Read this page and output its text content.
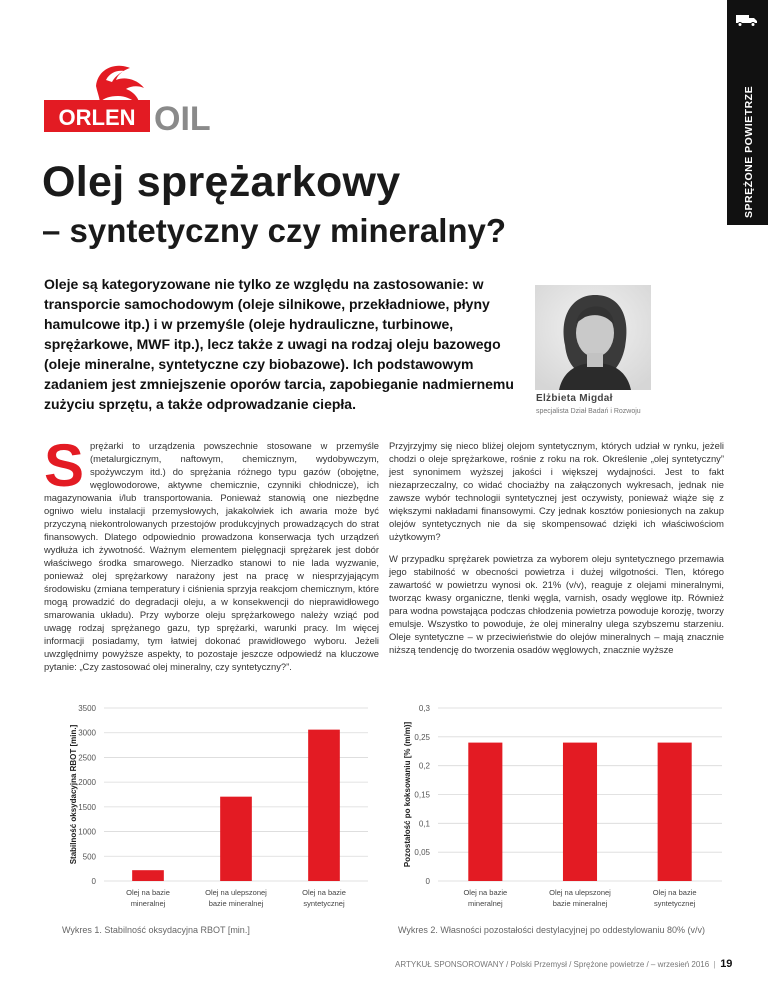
SPRĘŻONE POWIETRZE
ORLEN OIL
Olej sprężarkowy
– syntetyczny czy mineralny?
Oleje są kategoryzowane nie tylko ze względu na zastosowanie: w transporcie samochodowym (oleje silnikowe, przekładniowe, płyny hamulcowe itp.) i w przemyśle (oleje hydrauliczne, turbinowe, sprężarkowe, MWF itp.), lecz także z uwagi na rodzaj oleju bazowego (oleje mineralne, syntetyczne czy biobazowe). Ich podstawowym zadaniem jest zmniejszenie oporów tarcia, zapobieganie nadmiernemu zużyciu sprzętu, a także odprowadzanie ciepła.	Elżbieta Migdał
specjalista Dział Badań i Rozwoju

Sprężarki to urządzenia powszechnie stosowane w przemyśle (metalurgicznym, naftowym, chemicznym, wydobywczym, spożywczym itd.) do sprężania różnego typu gazów (obojętne, węglowodorowe, aktywne chemicznie, czynniki chłodnicze), ich magazynowania i/lub transportowania. Ponieważ stanowią one niezbędne ogniwo wielu instalacji przemysłowych, jakakolwiek ich awaria może być przyczyną niekontrolowanych przestojów produkcyjnych prowadzących do strat finansowych. Dlatego odpowiednio prowadzona konserwacja tych urządzeń wydłuża ich żywotność. Ważnym elementem pielęgnacji sprężarek jest dobór właściwego środka smarowego. Nierzadko stanowi to nie lada wyzwanie, ponieważ olej sprężarkowy narażony jest na pracę w niesprzyjającym środowisku (zmiana temperatury i ciśnienia sprzyja reakcjom chemicznym, które mogą prowadzić do degradacji oleju, a w konsekwencji do nieprawidłowego smarowania układu). Przy wyborze oleju sprężarkowego należy wziąć pod uwagę rodzaj sprężanego gazu, typ sprężarki, warunki pracy. Im więcej informacji posiadamy, tym łatwiej dokonać prawidłowego wyboru. Jeżeli uwzględnimy powyższe aspekty, to pozostaje jeszcze odpowiedź na kluczowe pytanie: „Czy zastosować olej mineralny, czy syntetyczny?”.

Przyjrzyjmy się nieco bliżej olejom syntetycznym, których udział w rynku, jeżeli chodzi o oleje sprężarkowe, rośnie z roku na rok. Określenie „olej syntetyczny” jest synonimem wyższej jakości i większej wydajności. Jest to fakt niezaprzeczalny, co widać chociażby na załączonych wykresach, jednak nie zawsze wybór technologii syntetycznej jest oczywisty, ponieważ wiąże się z większymi nakładami finansowymi. Czy jednak kosztów poniesionych na zakup olejów syntetycznych nie da się skompensować dzięki ich właściwościom użytkowym?

W przypadku sprężarek powietrza za wyborem oleju syntetycznego przemawia jego stabilność w obecności powietrza i dużej wilgotności. Tlen, którego zawartość w powietrzu wynosi ok. 21% (v/v), reaguje z olejami mineralnymi, tworząc kwasy organiczne, tlenki węgla, varnish, osady węglowe itp. Również para wodna powstająca podczas chłodzenia powietrza powoduje korozję, tworzy emulsje. Wszystko to powoduje, że olej mineralny ulega szybszemu starzeniu. Oleje syntetyczne – w przeciwieństwie do olejów mineralnych – mają znacznie niższą tendencję do tworzenia osadów węglowych, znacznie wyższe

0
500
1000
1500
2000
2500
3000
3500
Stabilność oksydacyjna RBOT [min.]
Olej na bazie mineralnej
Olej na ulepszonej bazie mineralnej
Olej na bazie syntetycznej
0
0,05
0,1
0,15
0,2
0,25
0,3
Pozostałość po koksowaniu [% (m/m)]
Olej na bazie mineralnej
Olej na ulepszonej bazie mineralnej
Olej na bazie syntetycznej
Wykres 1. Stabilność oksydacyjna RBOT [min.]	Wykres 2. Własności pozostałości destylacyjnej po oddestylowaniu 80% (v/v)
ARTYKUŁ SPONSOROWANY / Polski Przemysł / Sprężone powietrze / – wrzesień 2016  |  19
